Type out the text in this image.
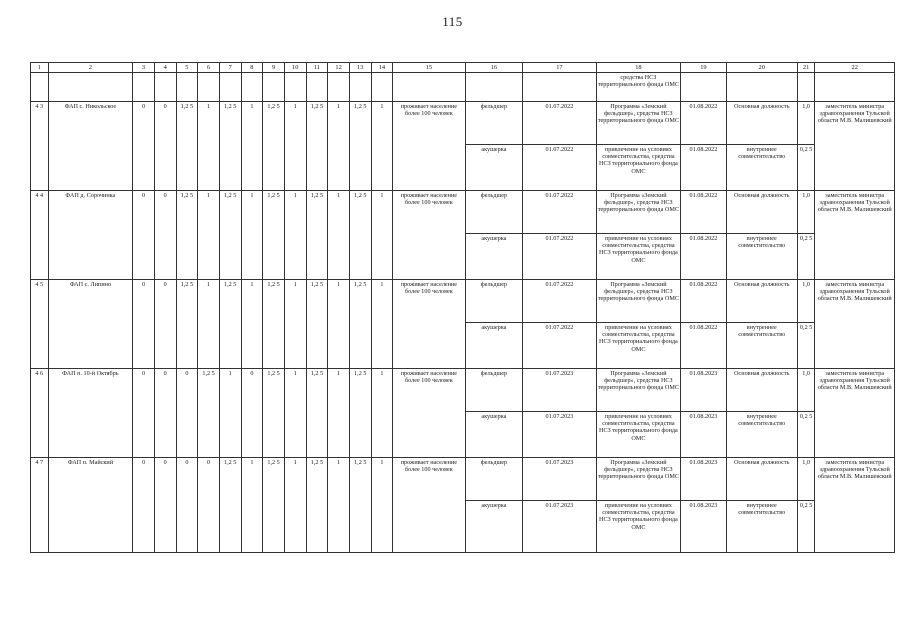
115
1	2	3	4	5	6	7	8	9	10	11	12	13	14	15	16	17	18	19	20	21	22
																	средства НСЗ территориального фонда ОМС				
4 3	ФАП с. Никольское	0	0	1,2 5	1	1,2 5	1	1,2 5	1	1,2 5	1	1,2 5	1	проживает население более 100 человек	фельдшер	01.07.2022	Программа «Земский фельдшер», средства НСЗ территориального фонда ОМС	01.08.2022	Основная должность	1,0	заместитель министра здравоохранения Тульской области М.В. Малишевский
															акушерка	01.07.2022	привлечение на условиях совместительства, средства НСЗ территориального фонда ОМС	01.08.2022	внутреннее совместительство	0,2 5	
4 4	ФАП д. Сорочинка	0	0	1,2 5	1	1,2 5	1	1,2 5	1	1,2 5	1	1,2 5	1	проживает население более 100 человек	фельдшер	01.07.2022	Программа «Земский фельдшер», средства НСЗ территориального фонда ОМС	01.08.2022	Основная должность	1,0	заместитель министра здравоохранения Тульской области М.В. Малишевский
															акушерка	01.07.2022	привлечение на условиях совместительства, средства НСЗ территориального фонда ОМС	01.08.2022	внутреннее совместительство	0,2 5	
4 5	ФАП с. Липино	0	0	1,2 5	1	1,2 5	1	1,2 5	1	1,2 5	1	1,2 5	1	проживает население более 100 человек	фельдшер	01.07.2022	Программа «Земский фельдшер», средства НСЗ территориального фонда ОМС	01.08.2022	Основная должность	1,0	заместитель министра здравоохранения Тульской области М.В. Малишевский
															акушерка	01.07.2022	привлечение на условиях совместительства, средства НСЗ территориального фонда ОМС	01.08.2022	внутреннее совместительство	0,2 5	
4 6	ФАП п. 10-й Октябрь	0	0	0	1,2 5	1	0	1,2 5	1	1,2 5	1	1,2 5	1	проживает население более 100 человек	фельдшер	01.07.2023	Программа «Земский фельдшер», средства НСЗ территориального фонда ОМС	01.08.2023	Основная должность	1,0	заместитель министра здравоохранения Тульской области М.В. Малишевский
															акушерка	01.07.2023	привлечение на условиях совместительства, средства НСЗ территориального фонда ОМС	01.08.2023	внутреннее совместительство	0,2 5	
4 7	ФАП п. Майский	0	0	0	0	1,2 5	1	1,2 5	1	1,2 5	1	1,2 5	1	проживает население более 100 человек	фельдшер	01.07.2023	Программа «Земский фельдшер», средства НСЗ территориального фонда ОМС	01.08.2023	Основная должность	1,0	заместитель министра здравоохранения Тульской области М.В. Малишевский
															акушерка	01.07.2023	привлечение на условиях совместительства, средства НСЗ территориального фонда ОМС	01.08.2023	внутреннее совместительство	0,2 5	
